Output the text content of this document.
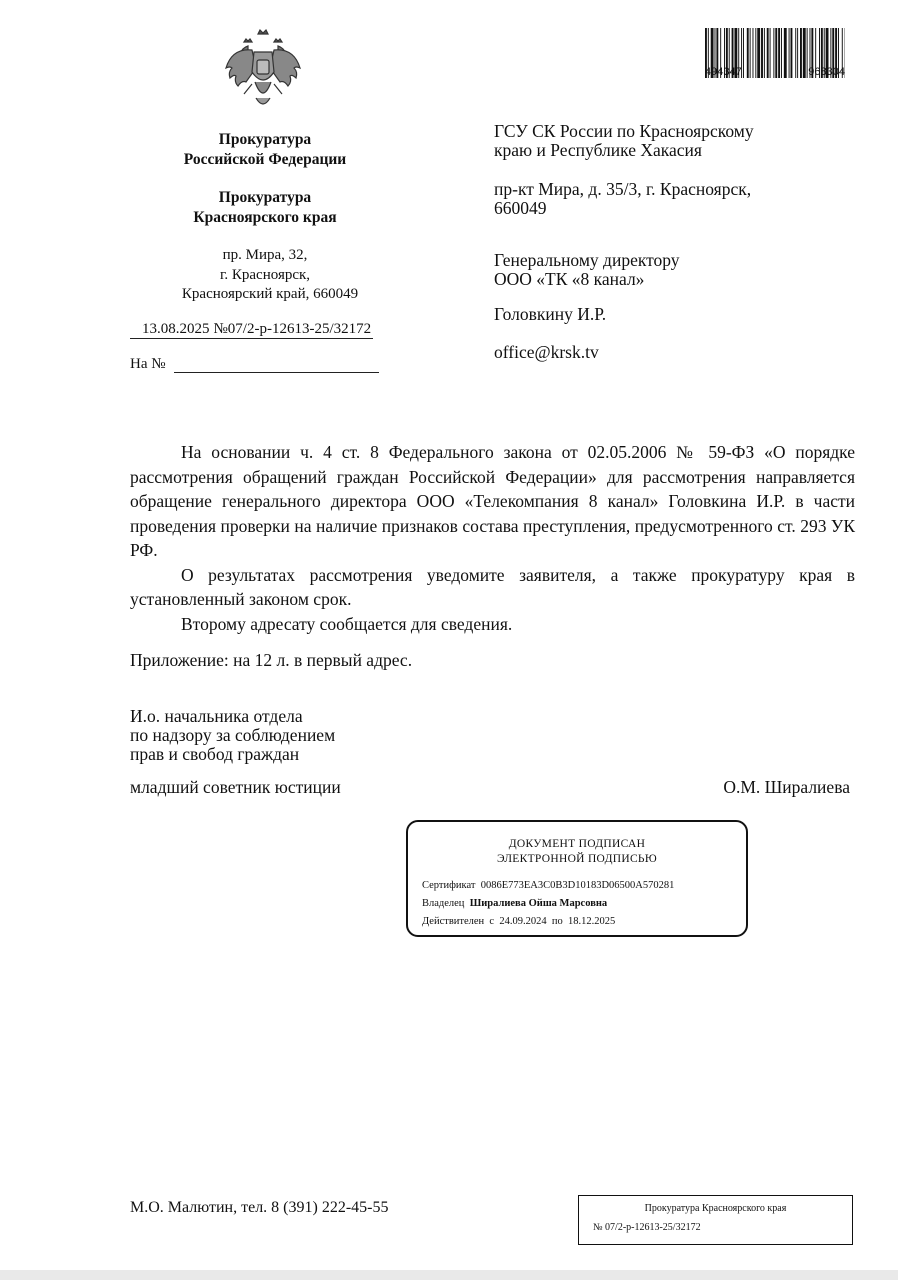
Прокуратура
Российской Федерации
Прокуратура
Красноярского края
пр. Мира, 32,
г. Красноярск,
Красноярский край, 660049
13.08.2025 №07/2-р-12613-25/32172
На №
494347	968304
ГСУ СК России по Красноярскому
краю и Республике Хакасия
пр-кт Мира, д. 35/3, г. Красноярск,
660049
Генеральному директору
ООО «ТК «8 канал»
Головкину И.Р.
office@krsk.tv

На основании ч. 4 ст. 8 Федерального закона от 02.05.2006 № 59-ФЗ «О порядке рассмотрения обращений граждан Российской Федерации» для рассмотрения направляется обращение генерального директора ООО «Телекомпания 8 канал» Головкина И.Р. в части проведения проверки на наличие признаков состава преступления, предусмотренного ст. 293 УК РФ.

О результатах рассмотрения уведомите заявителя, а также прокуратуру края в установленный законом срок.

Второму адресату сообщается для сведения.

Приложение: на 12 л. в первый адрес.
И.о. начальника отдела
по надзору за соблюдением
прав и свобод граждан
младший советник юстиции	О.М. Ширалиева
ДОКУМЕНТ ПОДПИСАН
ЭЛЕКТРОННОЙ ПОДПИСЬЮ
Сертификат 0086E773EA3C0B3D10183D06500A570281
Владелец Ширалиева Ойша Марсовна
Действителен с 24.09.2024 по 18.12.2025
М.О. Малютин, тел. 8 (391) 222-45-55	Прокуратура Красноярского края
№ 07/2-р-12613-25/32172
